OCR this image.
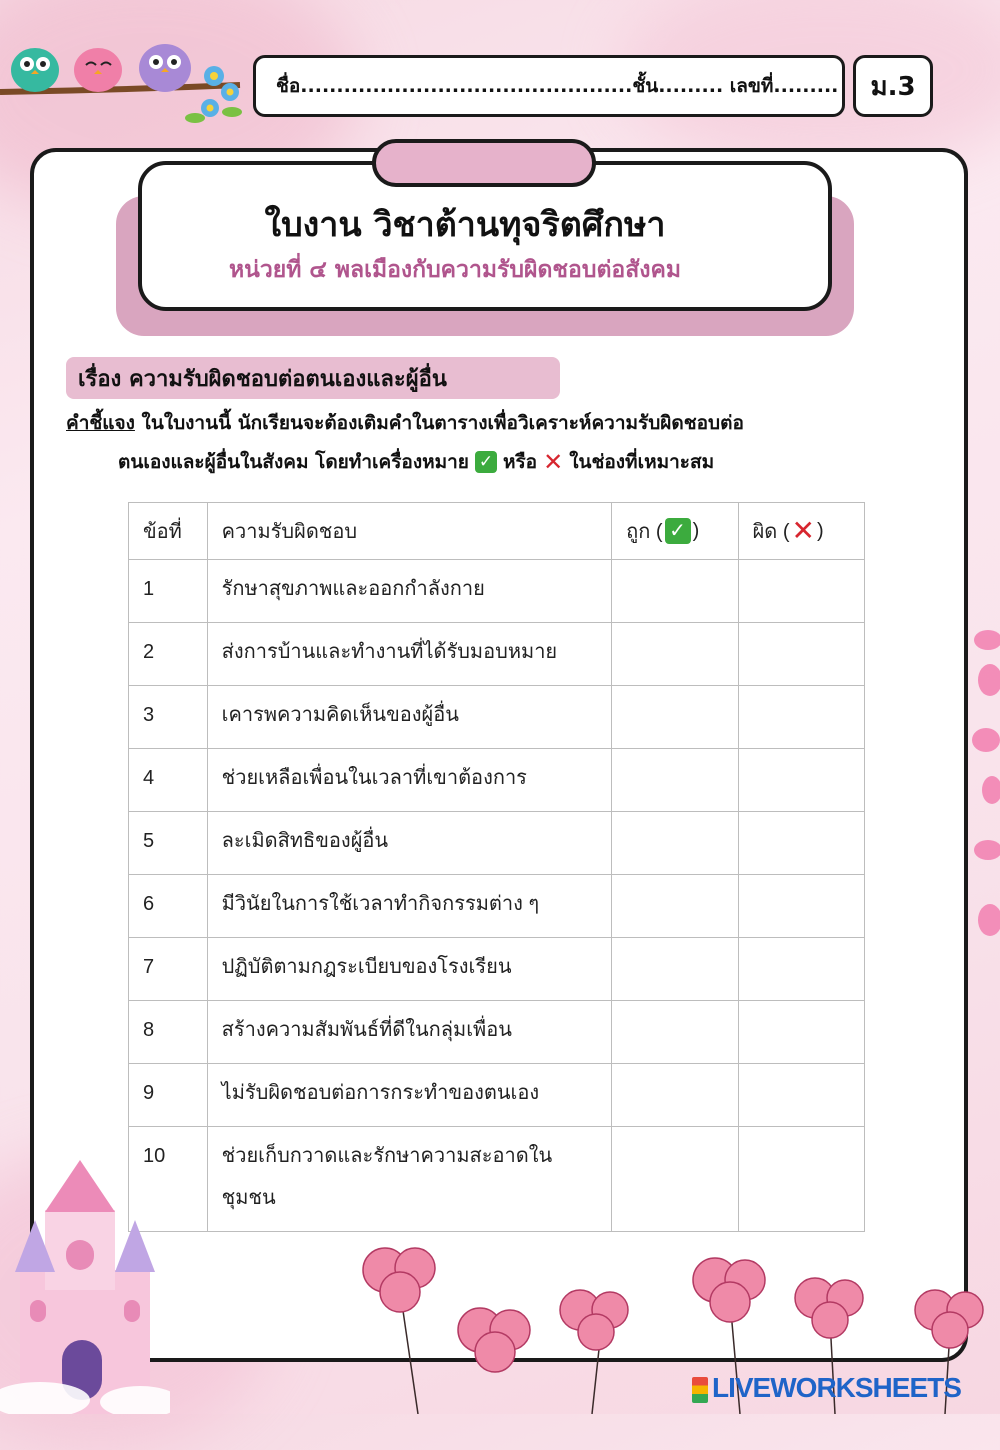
ชื่อ..............................................ชั้น......... เลขที่......... ม.3
ใบงาน วิชาต้านทุจริตศึกษา
หน่วยที่ ๔ พลเมืองกับความรับผิดชอบต่อสังคม
เรื่อง ความรับผิดชอบต่อตนเองและผู้อื่น
คำชี้แจง ในใบงานนี้ นักเรียนจะต้องเติมคำในตารางเพื่อวิเคราะห์ความรับผิดชอบต่อ
ตนเองและผู้อื่นในสังคม โดยทำเครื่องหมาย ✓ หรือ ✕ ในช่องที่เหมาะสม
ข้อที่	ความรับผิดชอบ	ถูก ( ✓ )	ผิด ( ✕ )

1	รักษาสุขภาพและออกกำลังกาย		
2	ส่งการบ้านและทำงานที่ได้รับมอบหมาย		
3	เคารพความคิดเห็นของผู้อื่น		
4	ช่วยเหลือเพื่อนในเวลาที่เขาต้องการ		
5	ละเมิดสิทธิของผู้อื่น		
6	มีวินัยในการใช้เวลาทำกิจกรรมต่าง ๆ		
7	ปฏิบัติตามกฎระเบียบของโรงเรียน		
8	สร้างความสัมพันธ์ที่ดีในกลุ่มเพื่อน		
9	ไม่รับผิดชอบต่อการกระทำของตนเอง		
10	ช่วยเก็บกวาดและรักษาความสะอาดในชุมชน		
LIVEWORKSHEETS
